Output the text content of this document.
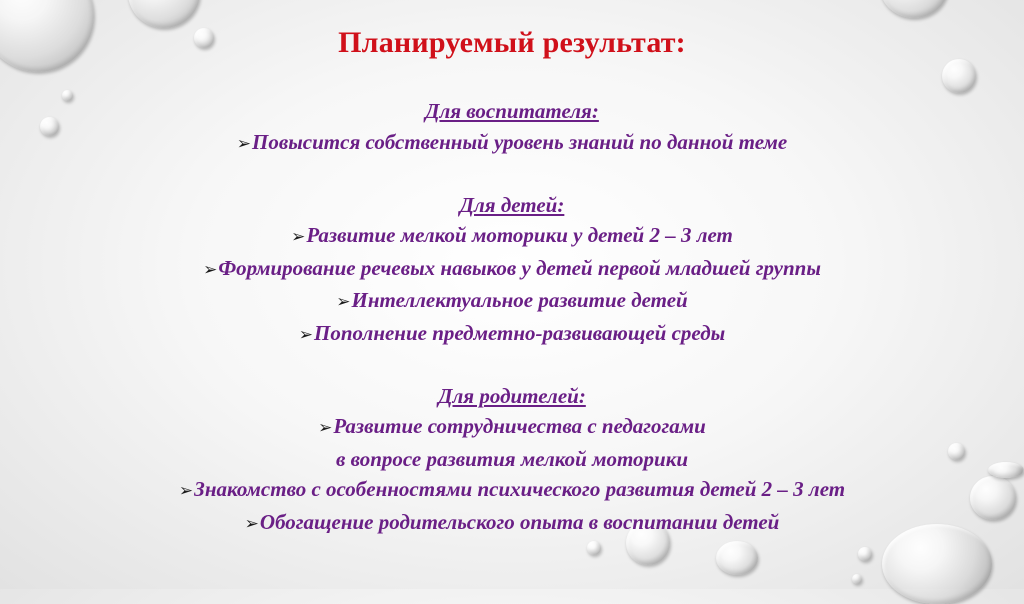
Планируемый результат:
Для воспитателя:
➢Повысится собственный уровень знаний по данной теме
Для детей:
➢Развитие мелкой моторики у детей 2 – 3 лет
➢Формирование речевых навыков у детей первой младшей группы
➢Интеллектуальное развитие детей
➢Пополнение предметно-развивающей среды
Для родителей:
➢Развитие сотрудничества с педагогами
в вопросе развития мелкой моторики
➢Знакомство с особенностями психического развития детей 2 – 3 лет
➢Обогащение родительского опыта в воспитании детей
